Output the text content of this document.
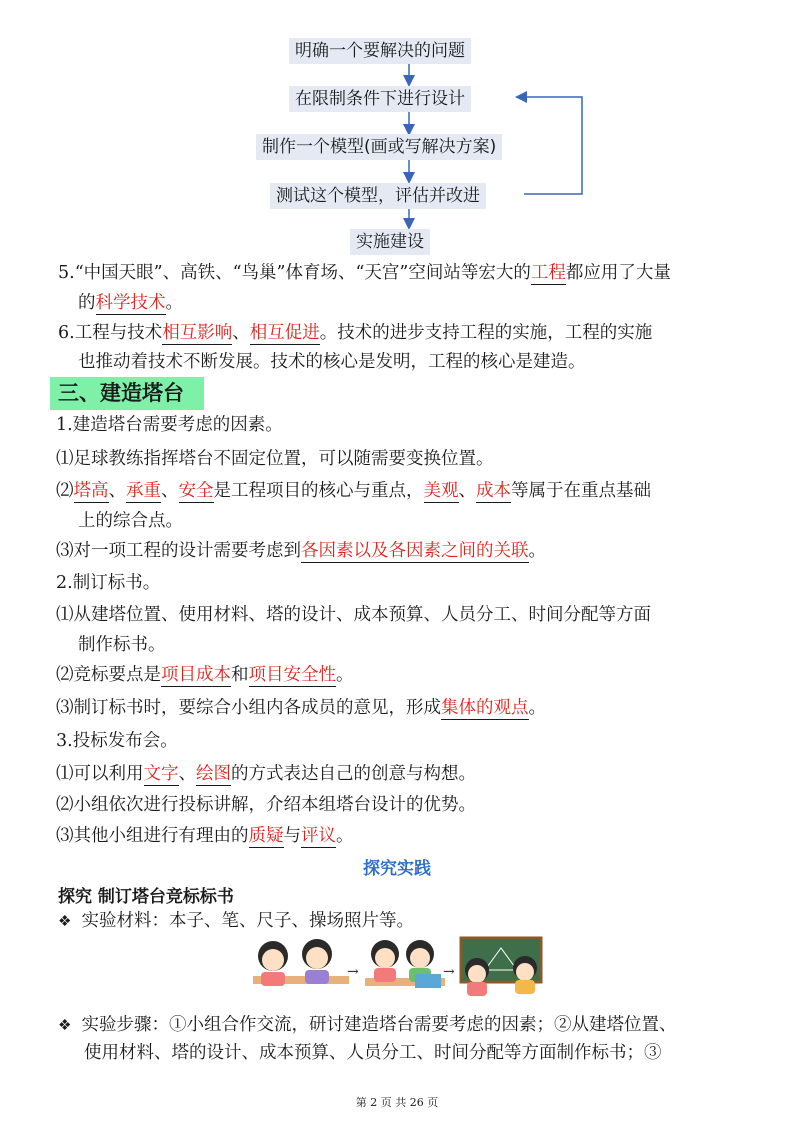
明确一个要解决的问题
在限制条件下进行设计
制作一个模型(画或写解决方案)
测试这个模型，评估并改进
实施建设
5.“中国天眼”、高铁、“鸟巢”体育场、“天宫”空间站等宏大的工程都应用了大量
的科学技术。
6.工程与技术相互影响、相互促进。技术的进步支持工程的实施，工程的实施
也推动着技术不断发展。技术的核心是发明，工程的核心是建造。
三、建造塔台
1.建造塔台需要考虑的因素。
⑴足球教练指挥塔台不固定位置，可以随需要变换位置。
⑵塔高、承重、安全是工程项目的核心与重点，美观、成本等属于在重点基础
上的综合点。
⑶对一项工程的设计需要考虑到各因素以及各因素之间的关联。
2.制订标书。
⑴从建塔位置、使用材料、塔的设计、成本预算、人员分工、时间分配等方面
制作标书。
⑵竞标要点是项目成本和项目安全性。
⑶制订标书时，要综合小组内各成员的意见，形成集体的观点。
3.投标发布会。
⑴可以利用文字、绘图的方式表达自己的创意与构想。
⑵小组依次进行投标讲解，介绍本组塔台设计的优势。
⑶其他小组进行有理由的质疑与评议。
探究实践
探究 制订塔台竞标标书
❖ 实验材料：本子、笔、尺子、操场照片等。
→	→
❖ 实验步骤：①小组合作交流，研讨建造塔台需要考虑的因素；②从建塔位置、
使用材料、塔的设计、成本预算、人员分工、时间分配等方面制作标书；③
第 2 页 共 26 页
